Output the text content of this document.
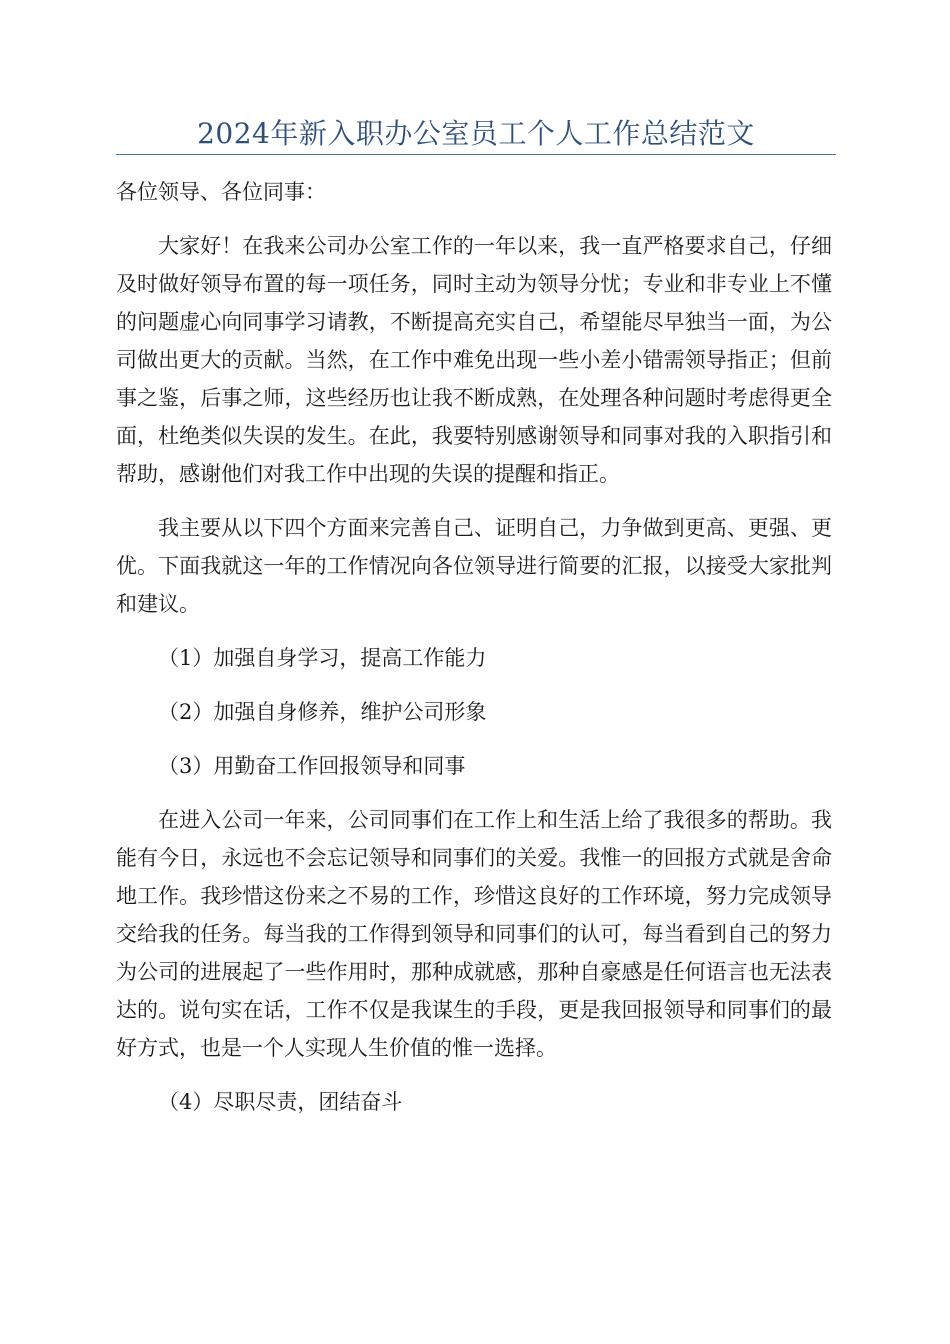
2024年新入职办公室员工个人工作总结范文

各位领导、各位同事：

大家好！在我来公司办公室工作的一年以来，我一直严格要求自己，仔细及时做好领导布置的每一项任务，同时主动为领导分忧；专业和非专业上不懂的问题虚心向同事学习请教，不断提高充实自己，希望能尽早独当一面，为公司做出更大的贡献。当然，在工作中难免出现一些小差小错需领导指正；但前事之鉴，后事之师，这些经历也让我不断成熟，在处理各种问题时考虑得更全面，杜绝类似失误的发生。在此，我要特别感谢领导和同事对我的入职指引和帮助，感谢他们对我工作中出现的失误的提醒和指正。

我主要从以下四个方面来完善自己、证明自己，力争做到更高、更强、更优。下面我就这一年的工作情况向各位领导进行简要的汇报，以接受大家批判和建议。

（1）加强自身学习，提高工作能力

（2）加强自身修养，维护公司形象

（3）用勤奋工作回报领导和同事

在进入公司一年来，公司同事们在工作上和生活上给了我很多的帮助。我能有今日，永远也不会忘记领导和同事们的关爱。我惟一的回报方式就是舍命地工作。我珍惜这份来之不易的工作，珍惜这良好的工作环境，努力完成领导交给我的任务。每当我的工作得到领导和同事们的认可，每当看到自己的努力为公司的进展起了一些作用时，那种成就感，那种自豪感是任何语言也无法表达的。说句实在话，工作不仅是我谋生的手段，更是我回报领导和同事们的最好方式，也是一个人实现人生价值的惟一选择。

（4）尽职尽责，团结奋斗
